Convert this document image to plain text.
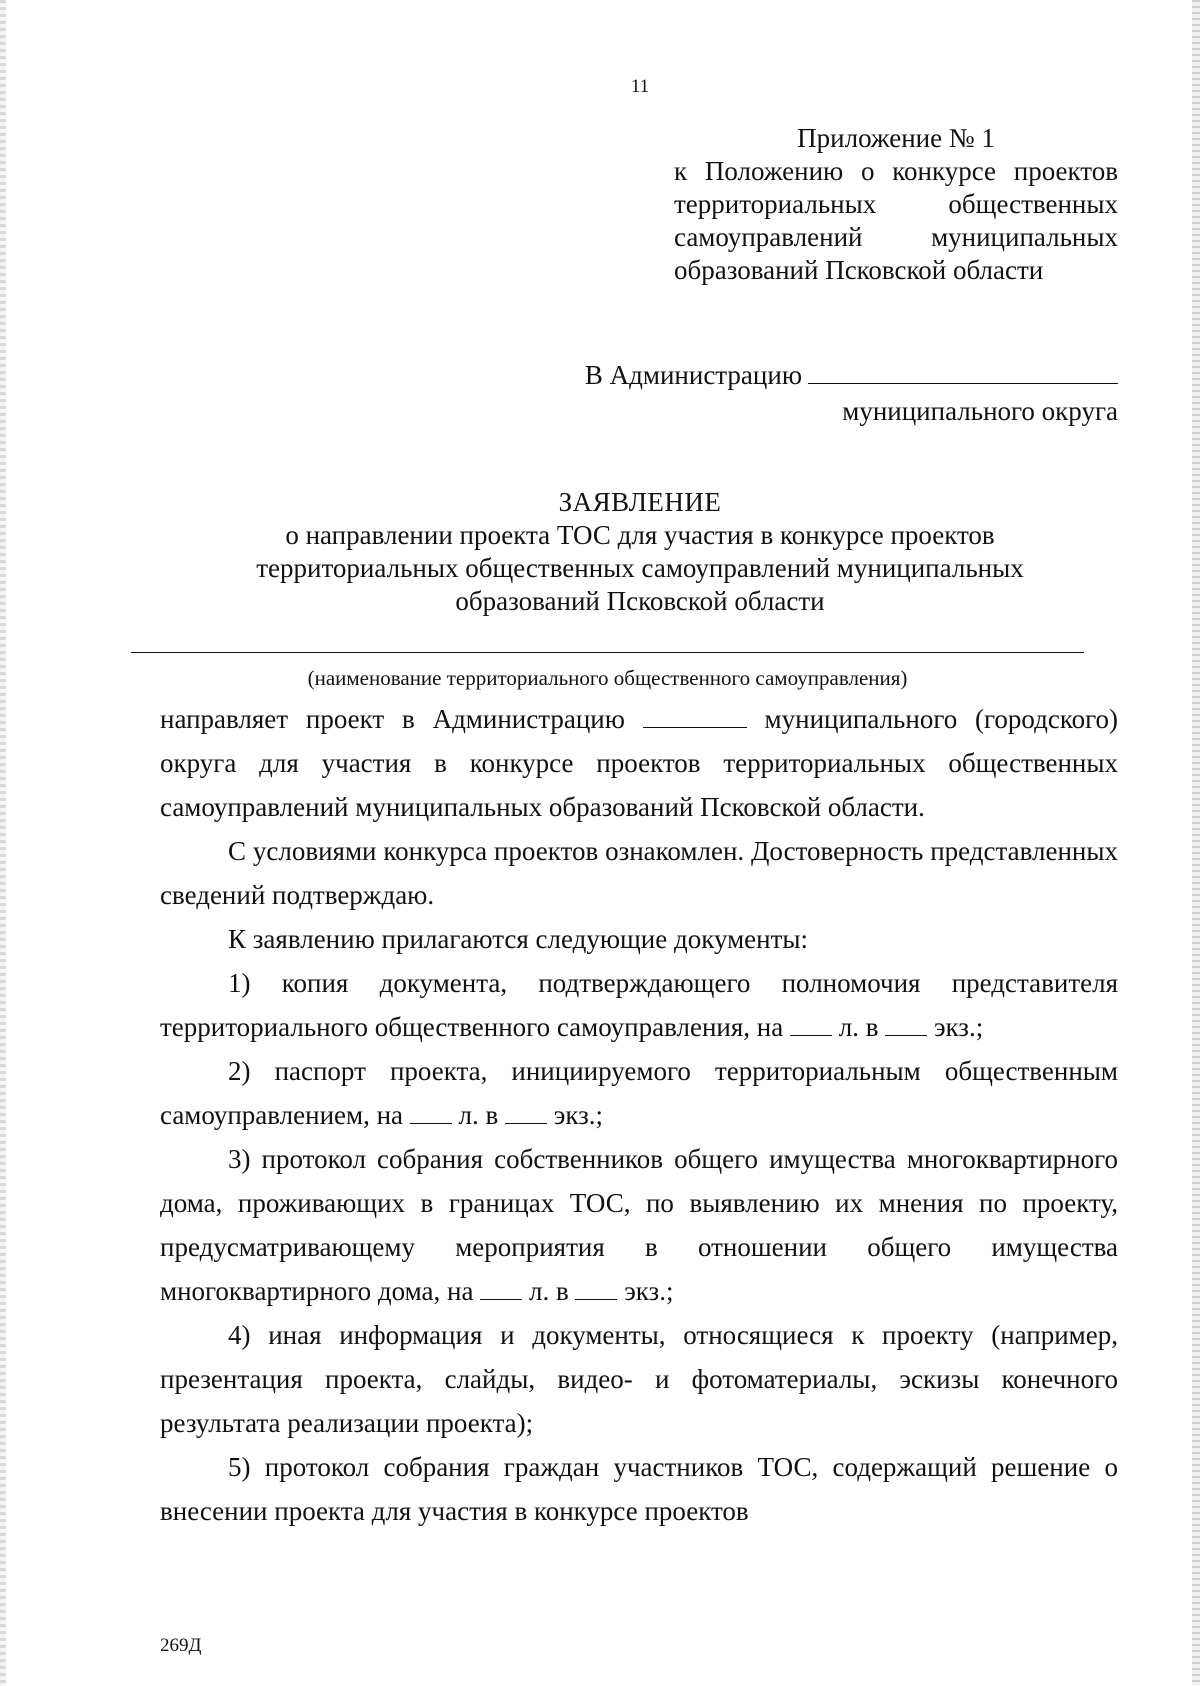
11
Приложение № 1
к Положению о конкурсе проектов
территориальных общественных
самоуправлений муниципальных
образований Псковской области
В Администрацию
муниципального округа
ЗАЯВЛЕНИЕ
о направлении проекта ТОС для участия в конкурсе проектов
территориальных общественных самоуправлений муниципальных
образований Псковской области
(наименование территориального общественного самоуправления)

направляет проект в Администрацию	муниципального (городского) округа для участия в конкурсе проектов территориальных общественных самоуправлений муниципальных образований Псковской области.

С условиями конкурса проектов ознакомлен. Достоверность представленных сведений подтверждаю.

К заявлению прилагаются следующие документы:

1) копия документа, подтверждающего полномочия представителя территориального общественного самоуправления, на л. в экз.;

2) паспорт проекта, инициируемого территориальным общественным самоуправлением, на л. в экз.;

3) протокол собрания собственников общего имущества многоквартирного дома, проживающих в границах ТОС, по выявлению их мнения по проекту, предусматривающему мероприятия в отношении общего имущества многоквартирного дома, на л. в экз.;

4) иная информация и документы, относящиеся к проекту (например, презентация проекта, слайды, видео- и фотоматериалы, эскизы конечного результата реализации проекта);

5) протокол собрания граждан участников ТОС, содержащий решение о внесении проекта для участия в конкурсе проектов

269Д
